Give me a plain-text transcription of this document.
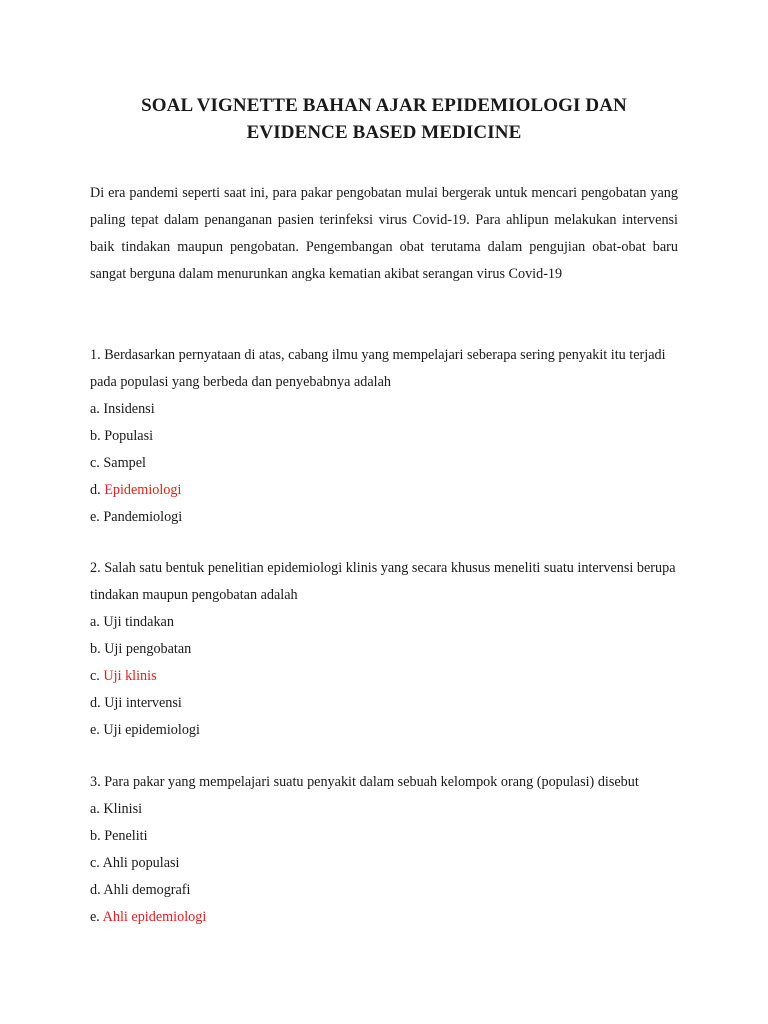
SOAL VIGNETTE BAHAN AJAR EPIDEMIOLOGI DAN
EVIDENCE BASED MEDICINE

Di era pandemi seperti saat ini, para pakar pengobatan mulai bergerak untuk mencari pengobatan yang paling tepat dalam penanganan pasien terinfeksi virus Covid-19. Para ahlipun melakukan intervensi baik tindakan maupun pengobatan. Pengembangan obat terutama dalam pengujian obat-obat baru sangat berguna dalam menurunkan angka kematian akibat serangan virus Covid-19

1. Berdasarkan pernyataan di atas, cabang ilmu yang mempelajari seberapa sering penyakit itu terjadi pada populasi yang berbeda dan penyebabnya adalah

a. Insidensi
b. Populasi
c. Sampel
d. Epidemiologi
e. Pandemiologi

2. Salah satu bentuk penelitian epidemiologi klinis yang secara khusus meneliti suatu intervensi berupa tindakan maupun pengobatan adalah

a. Uji tindakan
b. Uji pengobatan
c. Uji klinis
d. Uji intervensi
e. Uji epidemiologi

3. Para pakar yang mempelajari suatu penyakit dalam sebuah kelompok orang (populasi) disebut

a. Klinisi
b. Peneliti
c. Ahli populasi
d. Ahli demografi
e. Ahli epidemiologi
